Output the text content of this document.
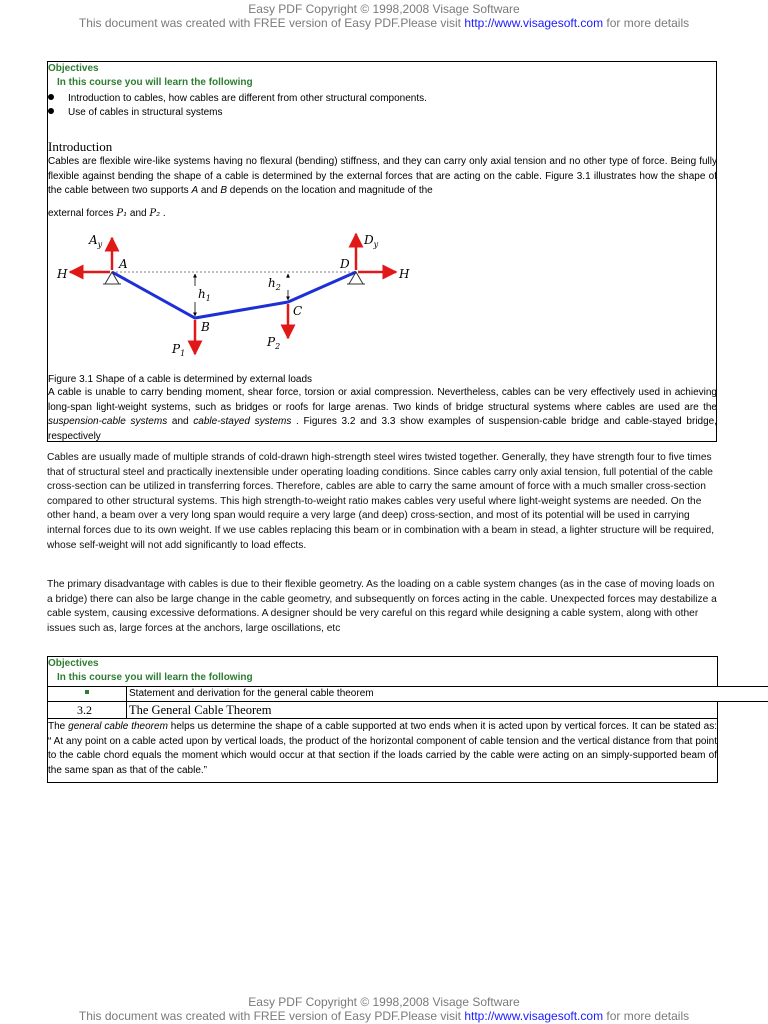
Easy PDF Copyright © 1998,2008 Visage Software
This document was created with FREE version of Easy PDF.Please visit http://www.visagesoft.com for more details
Objectives
In this course you will learn the following
Introduction to cables, how cables are different from other structural components.
Use of cables in structural systems
Introduction
Cables are flexible wire-like systems having no flexural (bending) stiffness, and they can carry only axial tension and no other type of force. Being fully flexible against bending the shape of a cable is determined by the external forces that are acting on the cable. Figure 3.1 illustrates how the shape of the cable between two supports A and B depends on the location and magnitude of the
external forces P₁ and P₂ .
$A_y$	$D_y$
H	H
A	D
B
C
$h_1$
$h_2$
$P_1$
$P_2$
Figure 3.1 Shape of a cable is determined by external loads
A cable is unable to carry bending moment, shear force, torsion or axial compression. Nevertheless, cables can be very effectively used in achieving long-span light-weight systems, such as bridges or roofs for large arenas. Two kinds of bridge structural systems where cables are used are the suspension-cable systems and cable-stayed systems . Figures 3.2 and 3.3 show examples of suspension-cable bridge and cable-stayed bridge, respectively
Cables are usually made of multiple strands of cold-drawn high-strength steel wires twisted together. Generally, they have strength four to five times that of structural steel and practically inextensible under operating loading conditions. Since cables carry only axial tension, full potential of the cable cross-section can be utilized in transferring forces. Therefore, cables are able to carry the same amount of force with a much smaller cross-section compared to other structural systems. This high strength-to-weight ratio makes cables very useful where light-weight systems are needed. On the other hand, a beam over a very long span would require a very large (and deep) cross-section, and most of its potential will be used in carrying internal forces due to its own weight. If we use cables replacing this beam or in combination with a beam in stead, a lighter structure will be required, whose self-weight will not add significantly to load effects.
The primary disadvantage with cables is due to their flexible geometry. As the loading on a cable system changes (as in the case of moving loads on a bridge) there can also be large change in the cable geometry, and subsequently on forces acting in the cable. Unexpected forces may destabilize a cable system, causing excessive deformations. A designer should be very careful on this regard while designing a cable system, along with other issues such as, large forces at the anchors, large oscillations, etc
Objectives
In this course you will learn the following
Statement and derivation for the general cable theorem
3.2	The General Cable Theorem
The general cable theorem helps us determine the shape of a cable supported at two ends when it is acted upon by vertical forces. It can be stated as: “ At any point on a cable acted upon by vertical loads, the product of the horizontal component of cable tension and the vertical distance from that point to the cable chord equals the moment which would occur at that section if the loads carried by the cable were acting on an simply-supported beam of the same span as that of the cable.”
Easy PDF Copyright © 1998,2008 Visage Software
This document was created with FREE version of Easy PDF.Please visit http://www.visagesoft.com for more details
